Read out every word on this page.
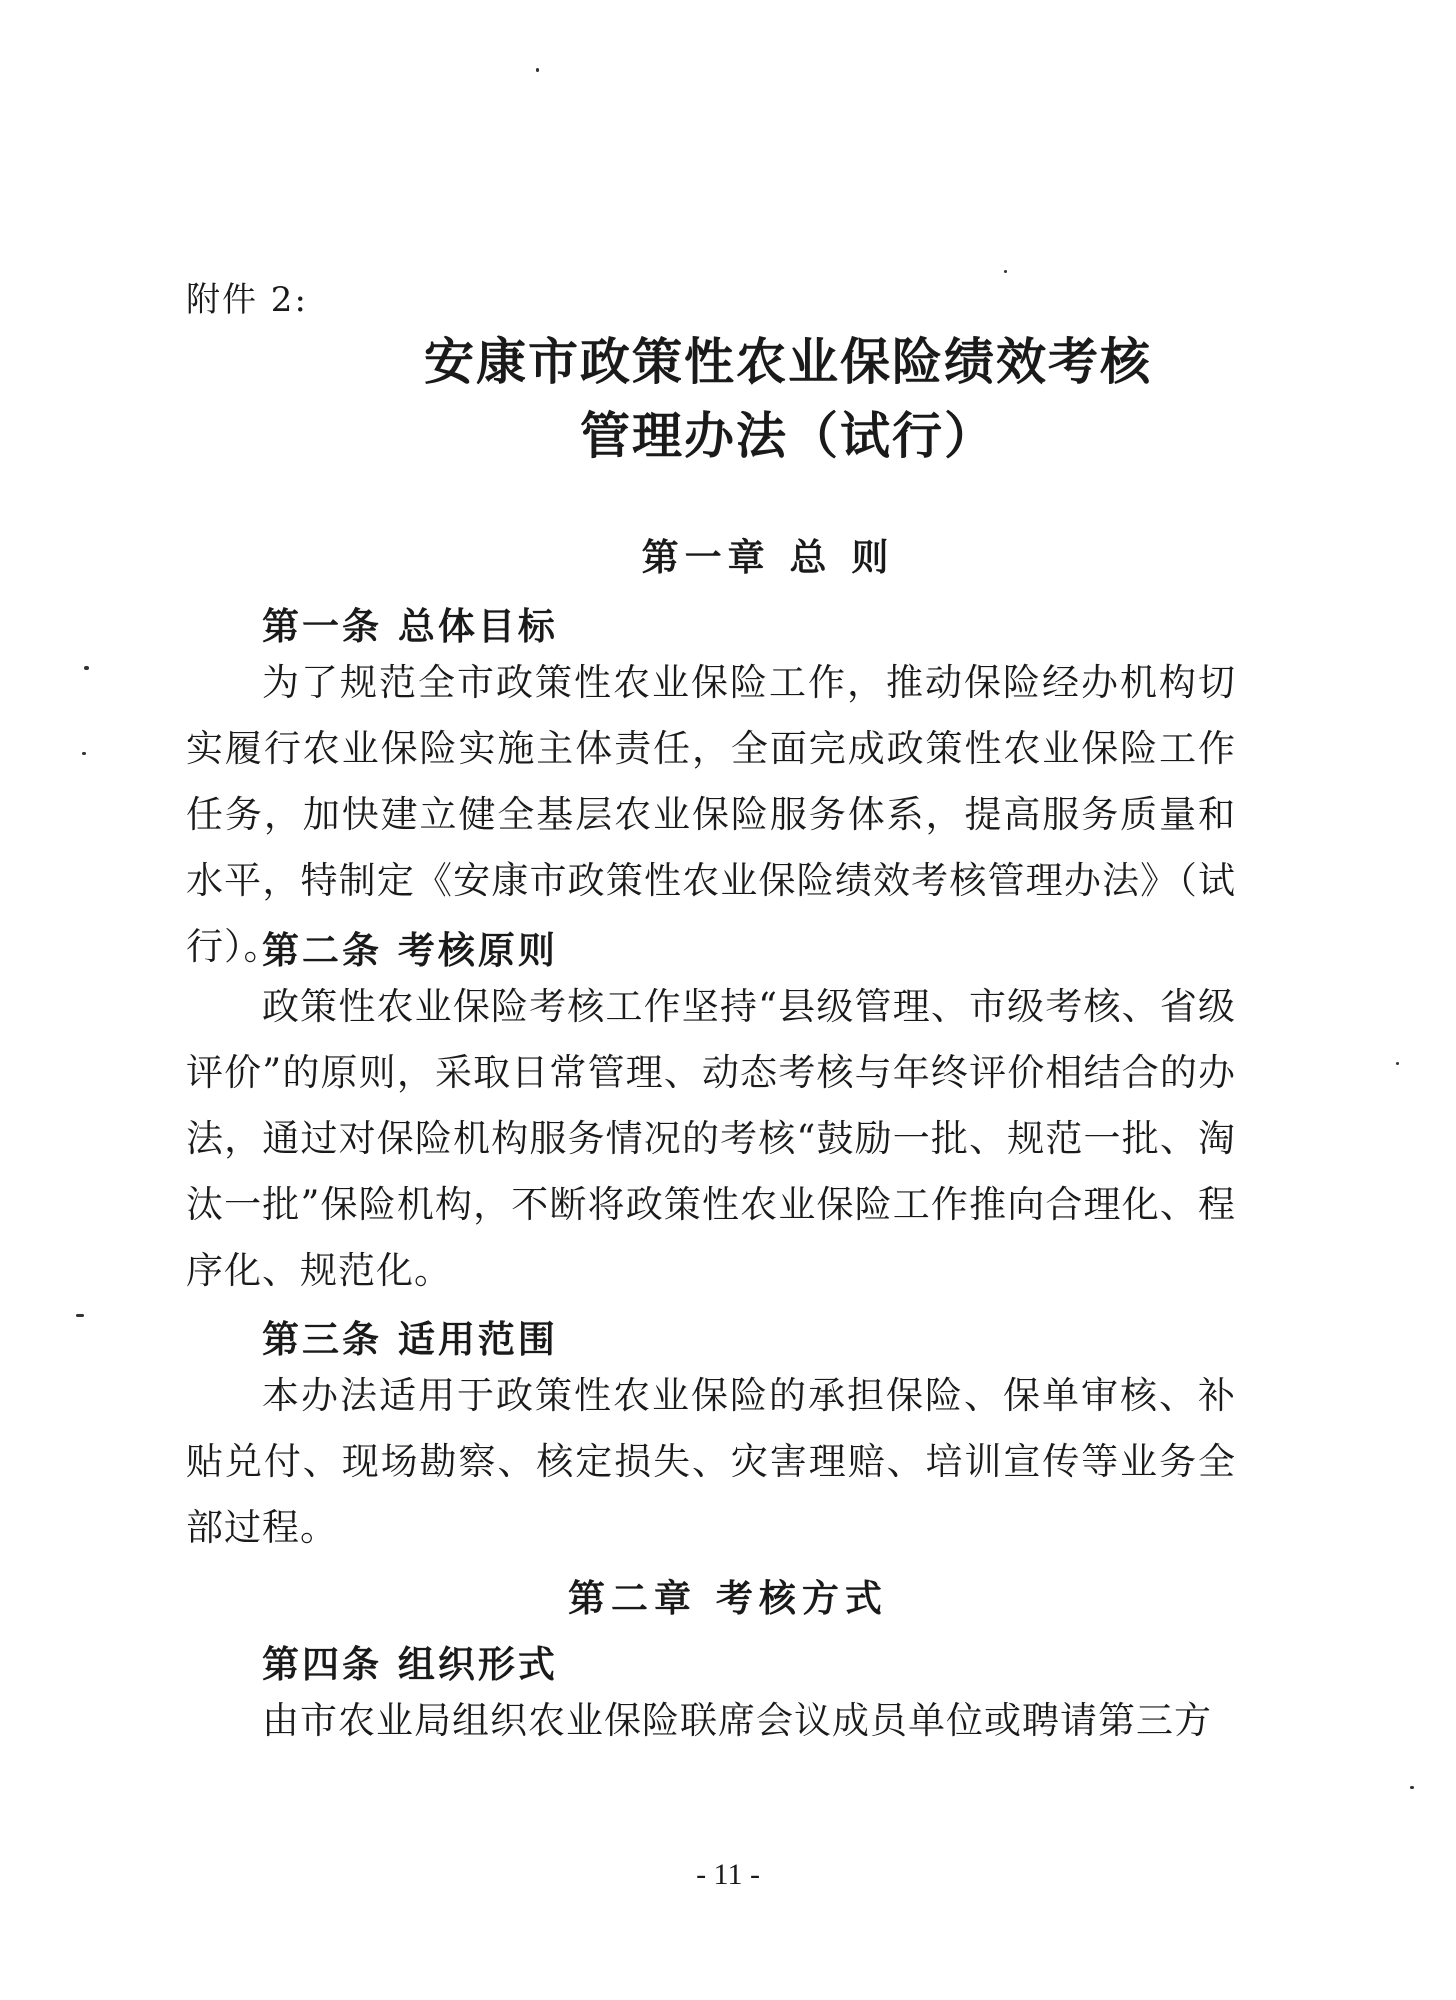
附件 2:
安康市政策性农业保险绩效考核
管理办法（试行）
第一章 总 则
第一条 总体目标
为了规范全市政策性农业保险工作，推动保险经办机构切实履行农业保险实施主体责任，全面完成政策性农业保险工作任务，加快建立健全基层农业保险服务体系，提高服务质量和水平，特制定《安康市政策性农业保险绩效考核管理办法》（试行）。
第二条 考核原则
政策性农业保险考核工作坚持“县级管理、市级考核、省级评价”的原则，采取日常管理、动态考核与年终评价相结合的办法，通过对保险机构服务情况的考核“鼓励一批、规范一批、淘汰一批”保险机构，不断将政策性农业保险工作推向合理化、程序化、规范化。
第三条 适用范围
本办法适用于政策性农业保险的承担保险、保单审核、补贴兑付、现场勘察、核定损失、灾害理赔、培训宣传等业务全部过程。
第二章 考核方式
第四条 组织形式
由市农业局组织农业保险联席会议成员单位或聘请第三方
- 11 -
